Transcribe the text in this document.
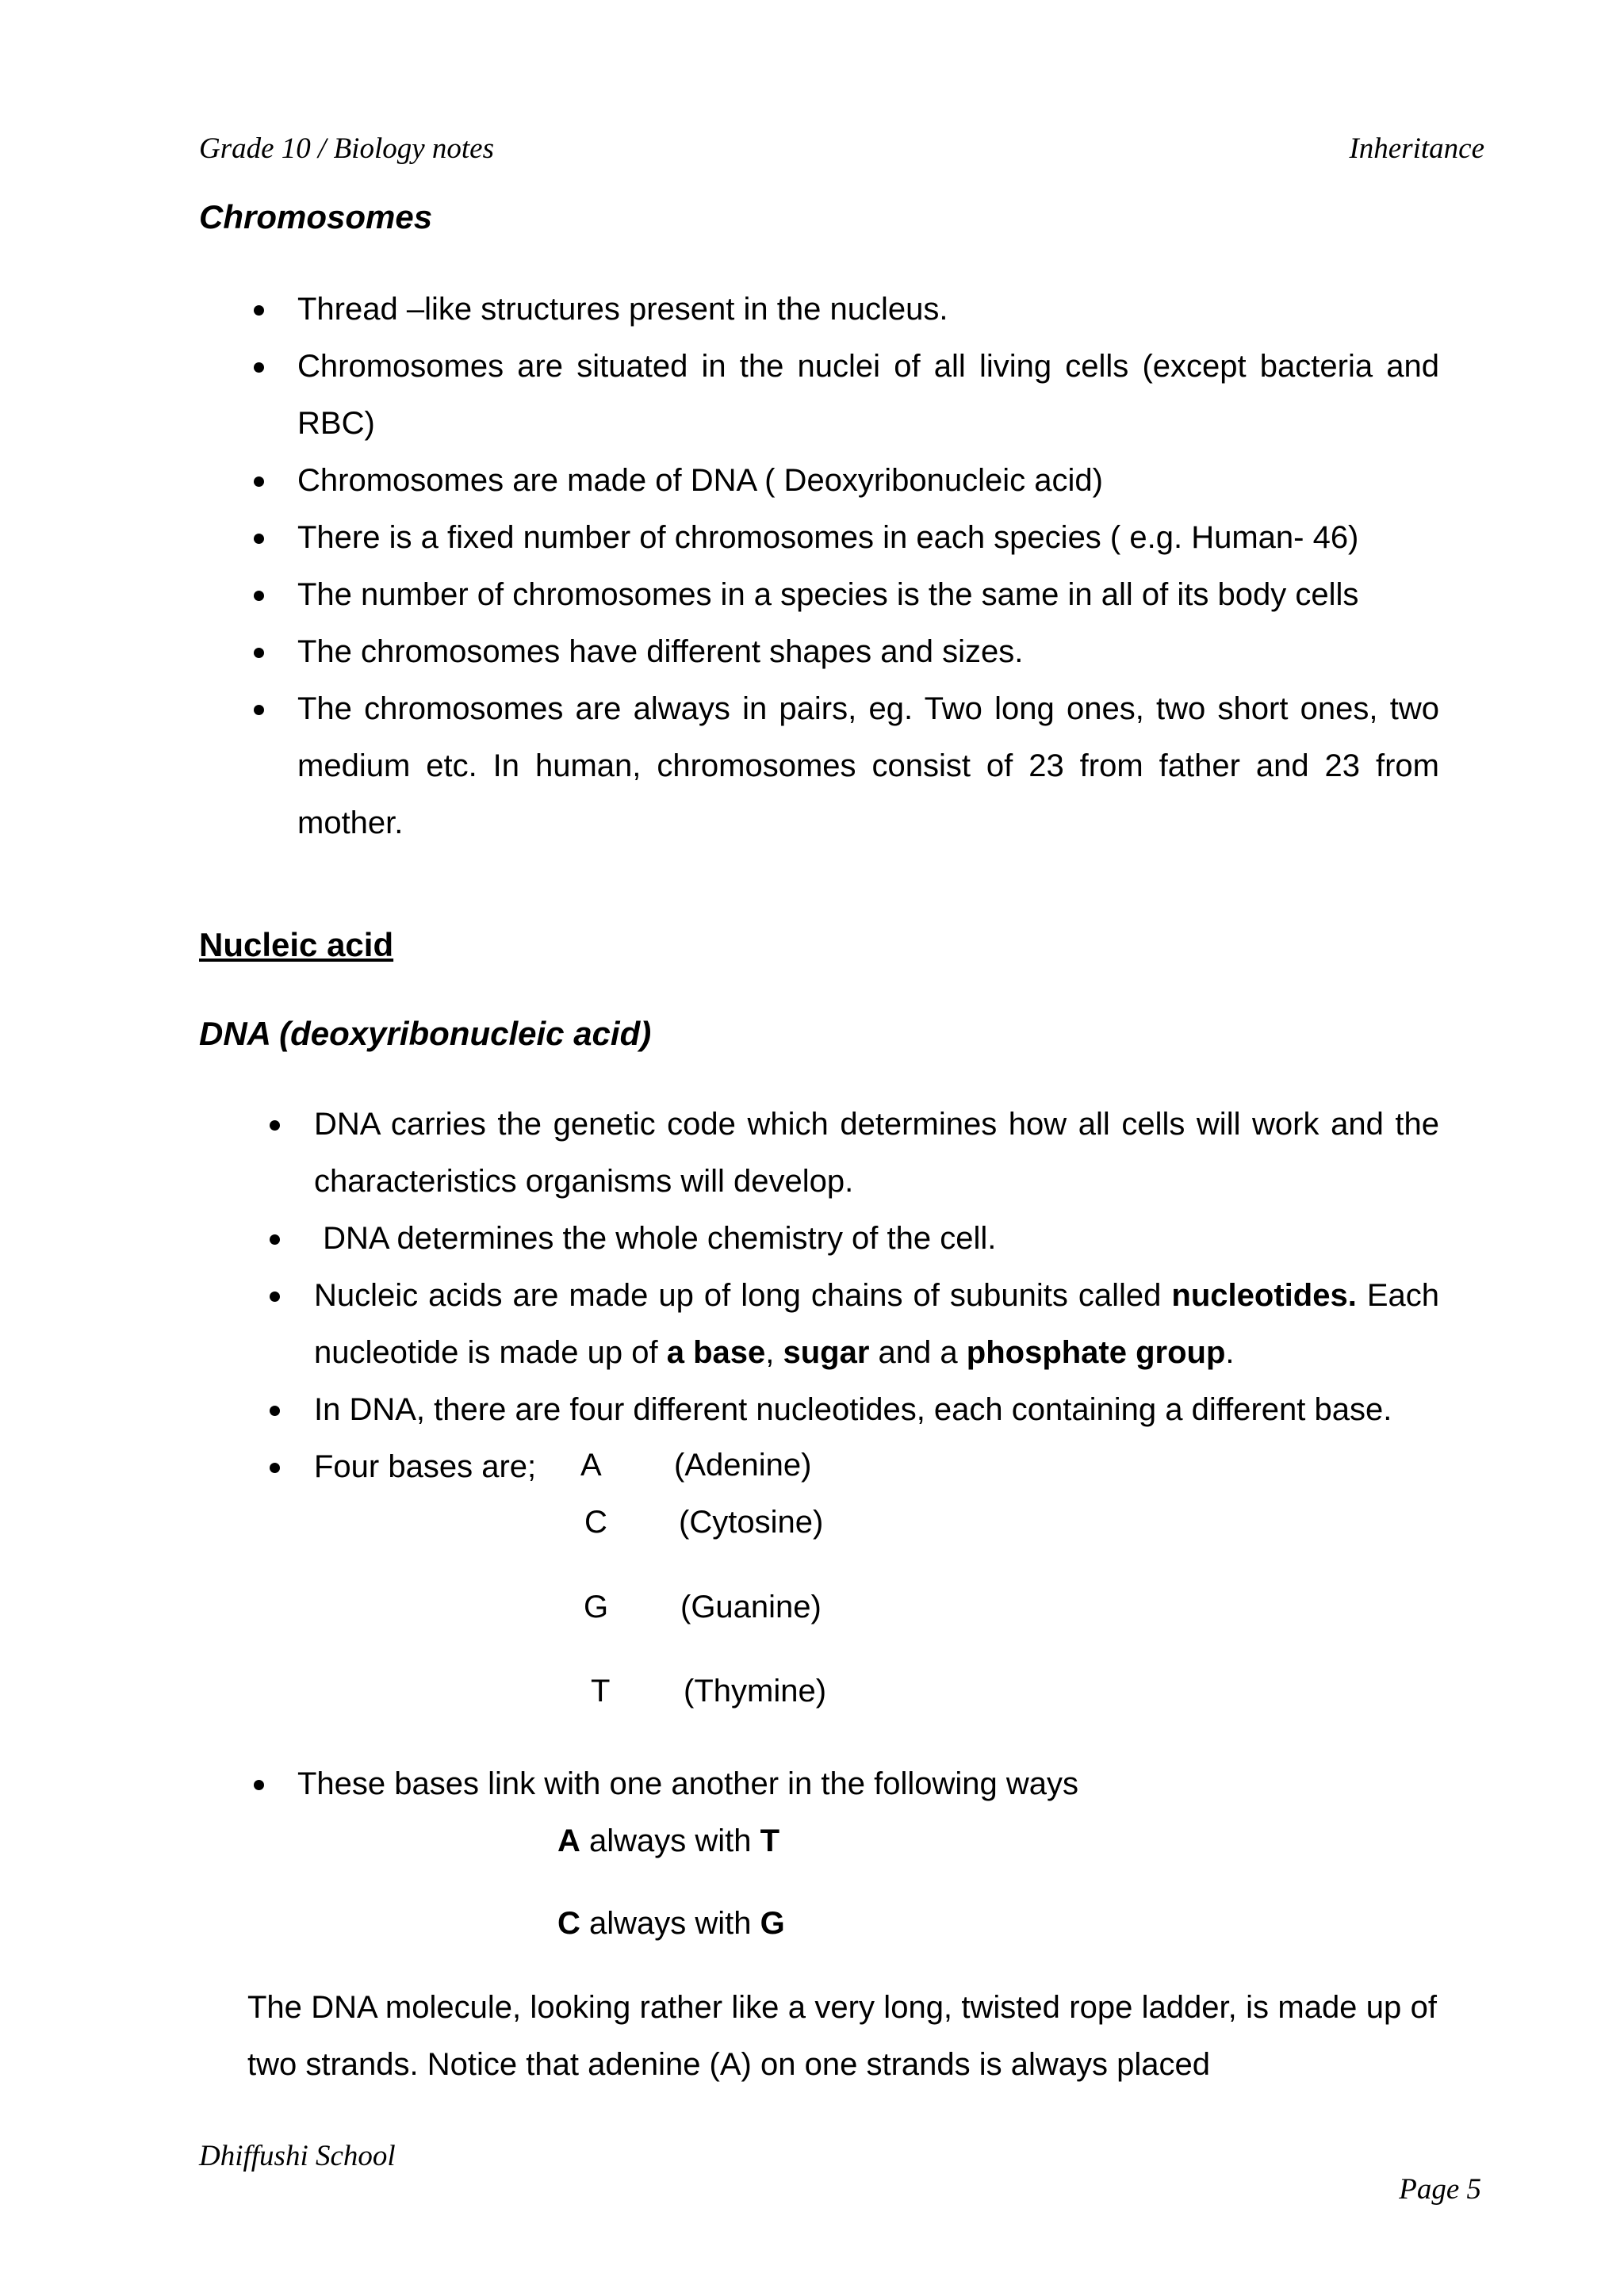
Grade 10 / Biology notes	Inheritance
Chromosomes
Thread –like structures present in the nucleus.
Chromosomes are situated in the nuclei of all living cells (except bacteria and RBC)
Chromosomes are made of DNA ( Deoxyribonucleic acid)
There is a fixed number of chromosomes in each species ( e.g. Human- 46)
The number of chromosomes in a species is the same in all of its body cells
The chromosomes have different shapes and sizes.
The chromosomes are always in pairs, eg. Two long ones, two short ones, two medium etc. In human, chromosomes consist of 23 from father and 23 from mother.
Nucleic acid
DNA (deoxyribonucleic acid)
DNA carries the genetic code which determines how all cells will work and the characteristics organisms will develop.
DNA determines the whole chemistry of the cell.
Nucleic acids are made up of long chains of subunits called nucleotides. Each nucleotide is made up of a base, sugar and a phosphate group.
In DNA, there are four different nucleotides, each containing a different base.
Four bases are;	A (Adenine)
C (Cytosine)
G (Guanine)
T (Thymine)
These bases link with one another in the following ways
A always with T
C always with G
The DNA molecule, looking rather like a very long, twisted rope ladder, is made up of two strands. Notice that adenine (A) on one strands is always placed
Dhiffushi School
Page 5
